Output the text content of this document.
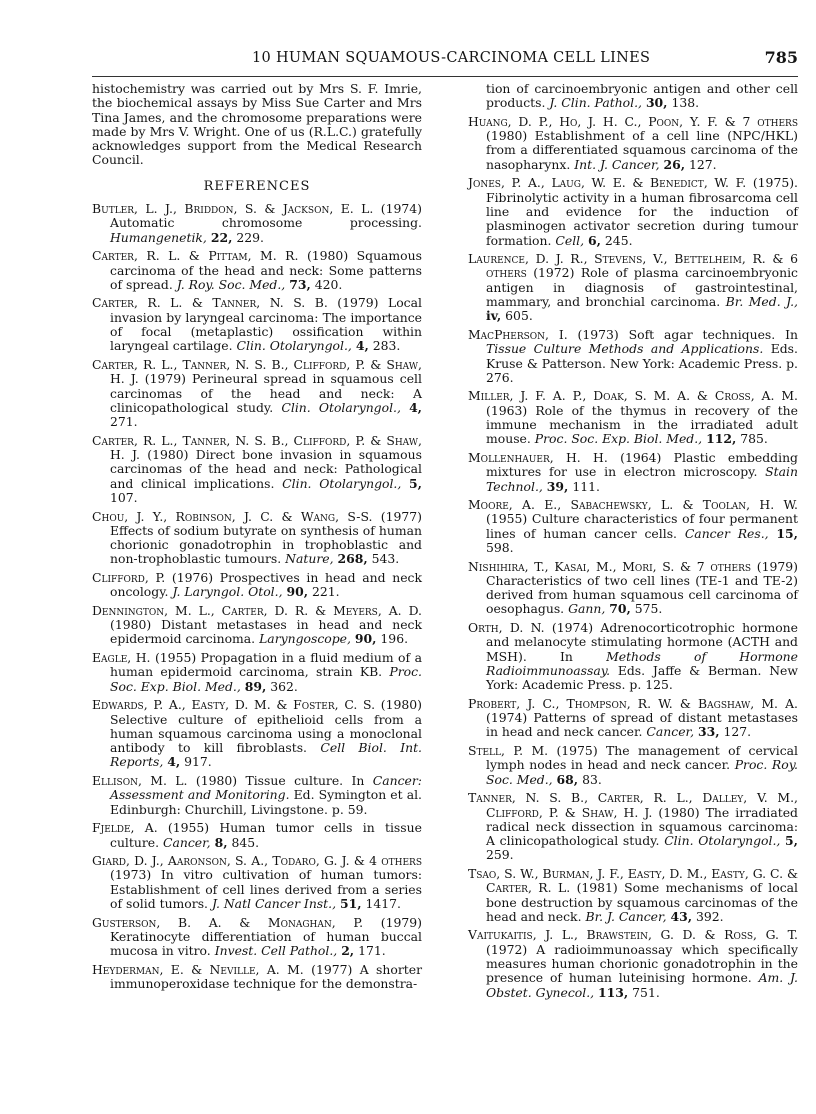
10 HUMAN SQUAMOUS-CARCINOMA CELL LINES	785

histochemistry was carried out by Mrs S. F. Imrie, the biochemical assays by Miss Sue Carter and Mrs Tina James, and the chromosome preparations were made by Mrs V. Wright. One of us (R.L.C.) gratefully acknowledges support from the Medical Research Council.

REFERENCES

Butler, L. J., Briddon, S. & Jackson, E. L. (1974) Automatic chromosome processing. Humangenetik, 22, 229.

Carter, R. L. & Pittam, M. R. (1980) Squamous carcinoma of the head and neck: Some patterns of spread. J. Roy. Soc. Med., 73, 420.

Carter, R. L. & Tanner, N. S. B. (1979) Local invasion by laryngeal carcinoma: The importance of focal (metaplastic) ossification within laryngeal cartilage. Clin. Otolaryngol., 4, 283.

Carter, R. L., Tanner, N. S. B., Clifford, P. & Shaw, H. J. (1979) Perineural spread in squamous cell carcinomas of the head and neck: A clinicopathological study. Clin. Otolaryngol., 4, 271.

Carter, R. L., Tanner, N. S. B., Clifford, P. & Shaw, H. J. (1980) Direct bone invasion in squamous carcinomas of the head and neck: Pathological and clinical implications. Clin. Otolaryngol., 5, 107.

Chou, J. Y., Robinson, J. C. & Wang, S-S. (1977) Effects of sodium butyrate on synthesis of human chorionic gonadotrophin in trophoblastic and non-trophoblastic tumours. Nature, 268, 543.

Clifford, P. (1976) Prospectives in head and neck oncology. J. Laryngol. Otol., 90, 221.

Dennington, M. L., Carter, D. R. & Meyers, A. D. (1980) Distant metastases in head and neck epidermoid carcinoma. Laryngoscope, 90, 196.

Eagle, H. (1955) Propagation in a fluid medium of a human epidermoid carcinoma, strain KB. Proc. Soc. Exp. Biol. Med., 89, 362.

Edwards, P. A., Easty, D. M. & Foster, C. S. (1980) Selective culture of epithelioid cells from a human squamous carcinoma using a monoclonal antibody to kill fibroblasts. Cell Biol. Int. Reports, 4, 917.

Ellison, M. L. (1980) Tissue culture. In Cancer: Assessment and Monitoring. Ed. Symington et al. Edinburgh: Churchill, Livingstone. p. 59.

Fjelde, A. (1955) Human tumor cells in tissue culture. Cancer, 8, 845.

Giard, D. J., Aaronson, S. A., Todaro, G. J. & 4 others (1973) In vitro cultivation of human tumors: Establishment of cell lines derived from a series of solid tumors. J. Natl Cancer Inst., 51, 1417.

Gusterson, B. A. & Monaghan, P. (1979) Keratinocyte differentiation of human buccal mucosa in vitro. Invest. Cell Pathol., 2, 171.

Heyderman, E. & Neville, A. M. (1977) A shorter immunoperoxidase technique for the demonstra-

tion of carcinoembryonic antigen and other cell products. J. Clin. Pathol., 30, 138.

Huang, D. P., Ho, J. H. C., Poon, Y. F. & 7 others (1980) Establishment of a cell line (NPC/HKL) from a differentiated squamous carcinoma of the nasopharynx. Int. J. Cancer, 26, 127.

Jones, P. A., Laug, W. E. & Benedict, W. F. (1975). Fibrinolytic activity in a human fibrosarcoma cell line and evidence for the induction of plasminogen activator secretion during tumour formation. Cell, 6, 245.

Laurence, D. J. R., Stevens, V., Bettelheim, R. & 6 others (1972) Role of plasma carcinoembryonic antigen in diagnosis of gastrointestinal, mammary, and bronchial carcinoma. Br. Med. J., iv, 605.

MacPherson, I. (1973) Soft agar techniques. In Tissue Culture Methods and Applications. Eds. Kruse & Patterson. New York: Academic Press. p. 276.

Miller, J. F. A. P., Doak, S. M. A. & Cross, A. M. (1963) Role of the thymus in recovery of the immune mechanism in the irradiated adult mouse. Proc. Soc. Exp. Biol. Med., 112, 785.

Mollenhauer, H. H. (1964) Plastic embedding mixtures for use in electron microscopy. Stain Technol., 39, 111.

Moore, A. E., Sabachewsky, L. & Toolan, H. W. (1955) Culture characteristics of four permanent lines of human cancer cells. Cancer Res., 15, 598.

Nishihira, T., Kasai, M., Mori, S. & 7 others (1979) Characteristics of two cell lines (TE-1 and TE-2) derived from human squamous cell carcinoma of oesophagus. Gann, 70, 575.

Orth, D. N. (1974) Adrenocorticotrophic hormone and melanocyte stimulating hormone (ACTH and MSH). In	Methods of Hormone Radioimmunoassay. Eds. Jaffe & Berman. New York: Academic Press. p. 125.

Probert, J. C., Thompson, R. W. & Bagshaw, M. A. (1974) Patterns of spread of distant metastases in head and neck cancer. Cancer, 33, 127.

Stell, P. M. (1975) The management of cervical lymph nodes in head and neck cancer. Proc. Roy. Soc. Med., 68, 83.

Tanner, N. S. B., Carter, R. L., Dalley, V. M., Clifford, P. & Shaw, H. J. (1980) The irradiated radical neck dissection in squamous carcinoma: A clinicopathological study. Clin. Otolaryngol., 5, 259.

Tsao, S. W., Burman, J. F., Easty, D. M., Easty, G. C. & Carter, R. L. (1981) Some mechanisms of local bone destruction by squamous carcinomas of the head and neck. Br. J. Cancer, 43, 392.

Vaitukaitis, J. L., Brawstein, G. D. & Ross, G. T. (1972) A radioimmunoassay which specifically measures human chorionic gonadotrophin in the presence of human luteinising hormone. Am. J. Obstet. Gynecol., 113, 751.
